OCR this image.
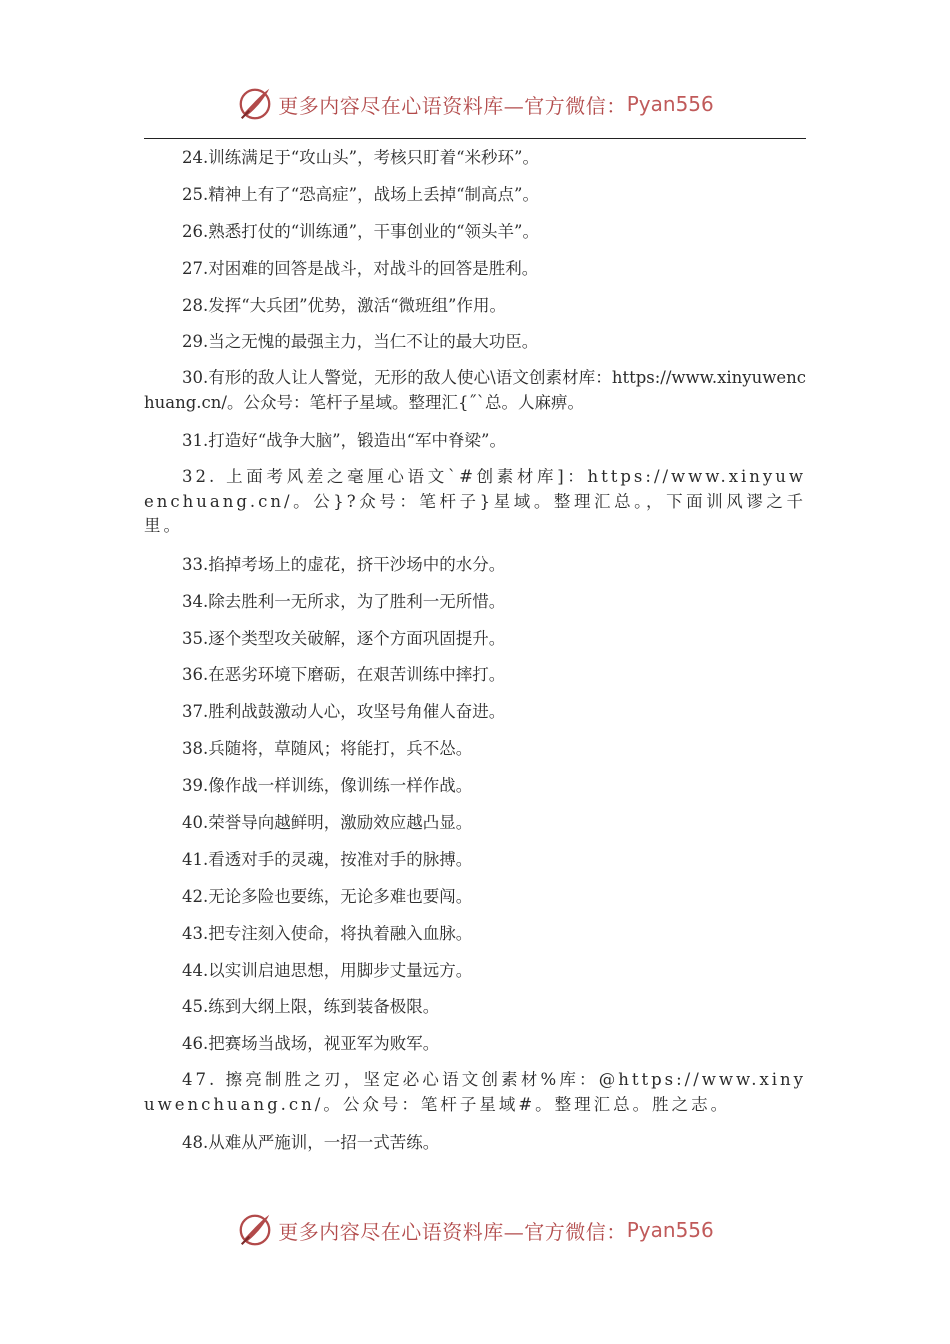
更多内容尽在心语资料库—官方微信： Pyan556
24.训练满足于“攻山头”，考核只盯着“米秒环”。
25.精神上有了“恐高症”，战场上丢掉“制高点”。
26.熟悉打仗的“训练通”，干事创业的“领头羊”。
27.对困难的回答是战斗，对战斗的回答是胜利。
28.发挥“大兵团”优势，激活“微班组”作用。
29.当之无愧的最强主力，当仁不让的最大功臣。
30.有形的敌人让人警觉，无形的敌人使心\语文创素材库：https://www.xinyuwenchuang.cn/。公众号：笔杆子星域。整理汇{˝`总。人麻痹。
31.打造好“战争大脑”，锻造出“军中脊梁”。
32. 上面考风差之毫厘心语文`#创素材库]：https://www.xinyuwenchuang.cn/。公}?众号：笔杆子}星域。整理汇总。，下面训风谬之千里。
33.掐掉考场上的虚花，挤干沙场中的水分。
34.除去胜利一无所求，为了胜利一无所惜。
35.逐个类型攻关破解，逐个方面巩固提升。
36.在恶劣环境下磨砺，在艰苦训练中摔打。
37.胜利战鼓激动人心，攻坚号角催人奋进。
38.兵随将，草随风；将能打，兵不怂。
39.像作战一样训练，像训练一样作战。
40.荣誉导向越鲜明，激励效应越凸显。
41.看透对手的灵魂，按准对手的脉搏。
42.无论多险也要练，无论多难也要闯。
43.把专注刻入使命，将执着融入血脉。
44.以实训启迪思想，用脚步丈量远方。
45.练到大纲上限，练到装备极限。
46.把赛场当战场，视亚军为败军。
47. 擦亮制胜之刃，坚定必心语文创素材%库：@https://www.xinyuwenchuang.cn/。公众号：笔杆子星域#。整理汇总。胜之志。
48.从难从严施训，一招一式苦练。
更多内容尽在心语资料库—官方微信： Pyan556
